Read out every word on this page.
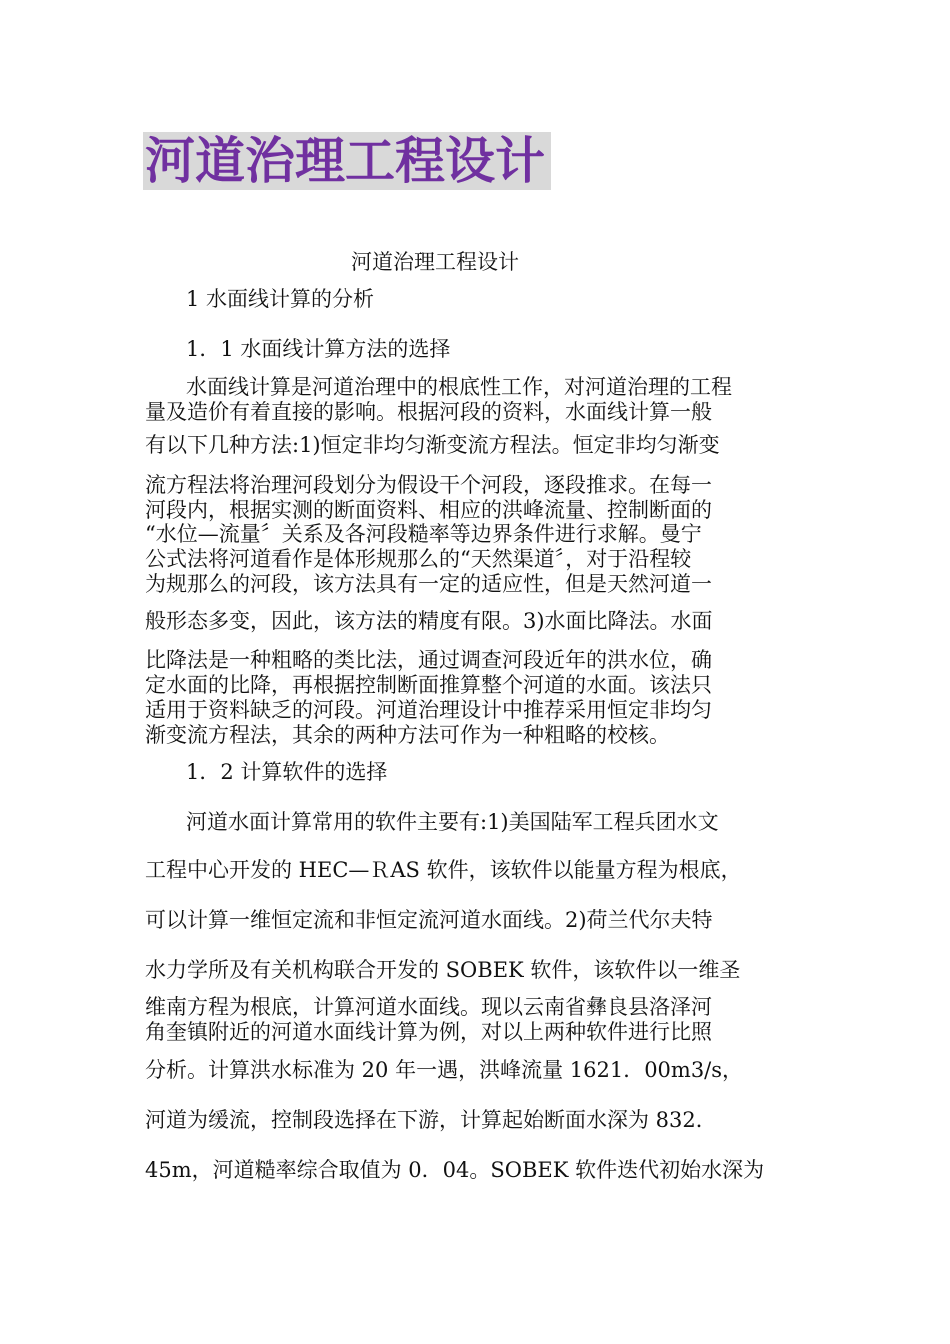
河道治理工程设计
河道治理工程设计
1 水面线计算的分析
1．1 水面线计算方法的选择
水面线计算是河道治理中的根底性工作，对河道治理的工程
量及造价有着直接的影响。根据河段的资料，水面线计算一般
有以下几种方法:1)恒定非均匀渐变流方程法。恒定非均匀渐变
流方程法将治理河段划分为假设干个河段，逐段推求。在每一
河段内，根据实测的断面资料、相应的洪峰流量、控制断面的
“水位—流量〞关系及各河段糙率等边界条件进行求解。曼宁
公式法将河道看作是体形规那么的“天然渠道〞，对于沿程较
为规那么的河段，该方法具有一定的适应性，但是天然河道一
般形态多变，因此，该方法的精度有限。3)水面比降法。水面
比降法是一种粗略的类比法，通过调查河段近年的洪水位，确
定水面的比降，再根据控制断面推算整个河道的水面。该法只
适用于资料缺乏的河段。河道治理设计中推荐采用恒定非均匀
渐变流方程法，其余的两种方法可作为一种粗略的校核。
1．2 计算软件的选择
河道水面计算常用的软件主要有:1)美国陆军工程兵团水文
工程中心开发的 HEC—ＲAS 软件，该软件以能量方程为根底，
可以计算一维恒定流和非恒定流河道水面线。2)荷兰代尔夫特
水力学所及有关机构联合开发的 SOBEK 软件，该软件以一维圣
维南方程为根底，计算河道水面线。现以云南省彝良县洛泽河
角奎镇附近的河道水面线计算为例，对以上两种软件进行比照
分析。计算洪水标准为 20 年一遇，洪峰流量 1621．00m3/s，
河道为缓流，控制段选择在下游，计算起始断面水深为 832．
45m，河道糙率综合取值为 0．04。SOBEK 软件迭代初始水深为
